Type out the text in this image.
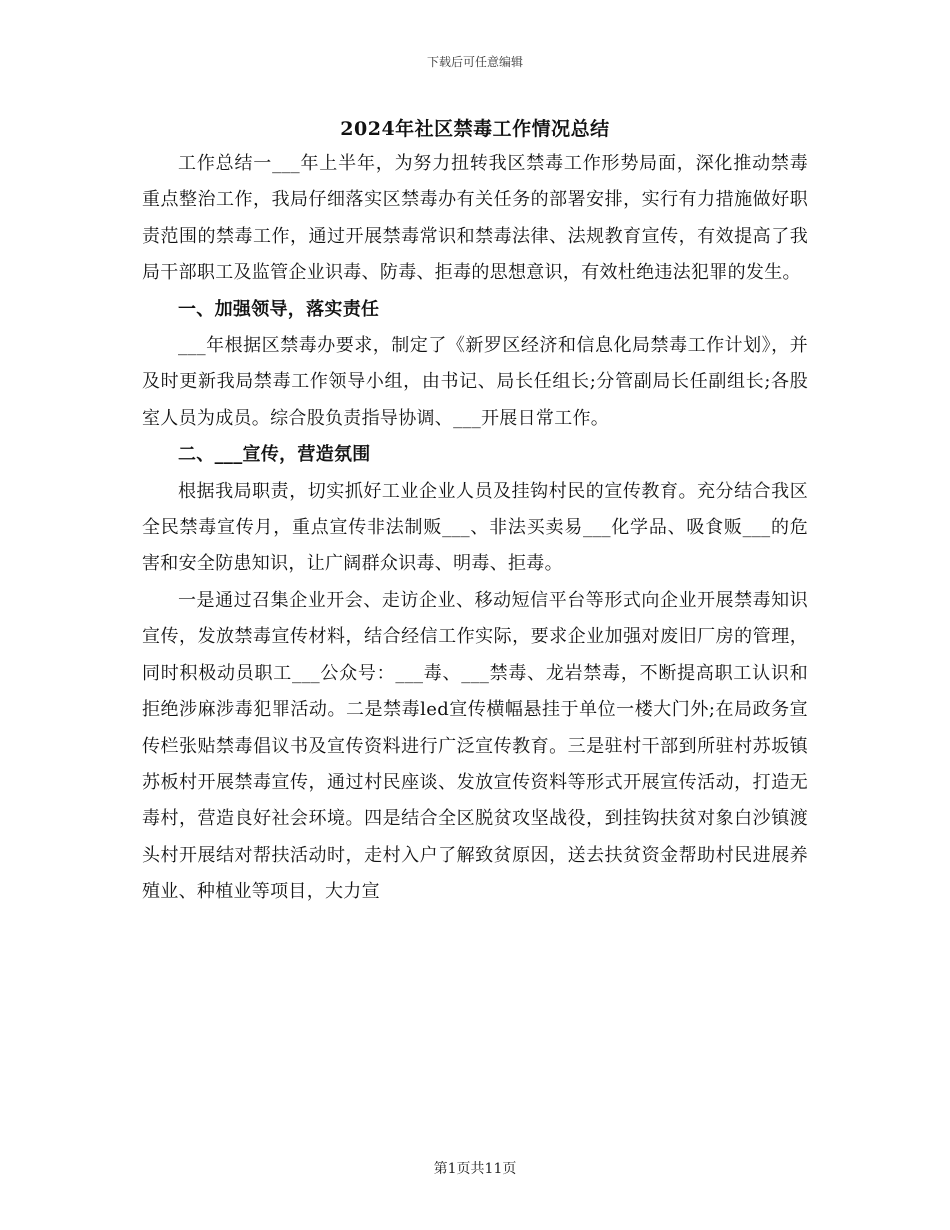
下载后可任意编辑
2024年社区禁毒工作情况总结

工作总结一___年上半年，为努力扭转我区禁毒工作形势局面，深化推动禁毒重点整治工作，我局仔细落实区禁毒办有关任务的部署安排，实行有力措施做好职责范围的禁毒工作，通过开展禁毒常识和禁毒法律、法规教育宣传，有效提高了我局干部职工及监管企业识毒、防毒、拒毒的思想意识，有效杜绝违法犯罪的发生。

一、加强领导，落实责任

___年根据区禁毒办要求，制定了《新罗区经济和信息化局禁毒工作计划》，并及时更新我局禁毒工作领导小组，由书记、局长任组长;分管副局长任副组长;各股室人员为成员。综合股负责指导协调、___开展日常工作。

二、___宣传，营造氛围

根据我局职责，切实抓好工业企业人员及挂钩村民的宣传教育。充分结合我区全民禁毒宣传月，重点宣传非法制贩___、非法买卖易___化学品、吸食贩___的危害和安全防患知识，让广阔群众识毒、明毒、拒毒。

一是通过召集企业开会、走访企业、移动短信平台等形式向企业开展禁毒知识宣传，发放禁毒宣传材料，结合经信工作实际，要求企业加强对废旧厂房的管理，同时积极动员职工___公众号：___毒、___禁毒、龙岩禁毒，不断提高职工认识和拒绝涉麻涉毒犯罪活动。二是禁毒led宣传横幅悬挂于单位一楼大门外;在局政务宣传栏张贴禁毒倡议书及宣传资料进行广泛宣传教育。三是驻村干部到所驻村苏坂镇苏板村开展禁毒宣传，通过村民座谈、发放宣传资料等形式开展宣传活动，打造无毒村，营造良好社会环境。四是结合全区脱贫攻坚战役，到挂钩扶贫对象白沙镇渡头村开展结对帮扶活动时，走村入户了解致贫原因，送去扶贫资金帮助村民进展养殖业、种植业等项目，大力宣

第1页共11页
